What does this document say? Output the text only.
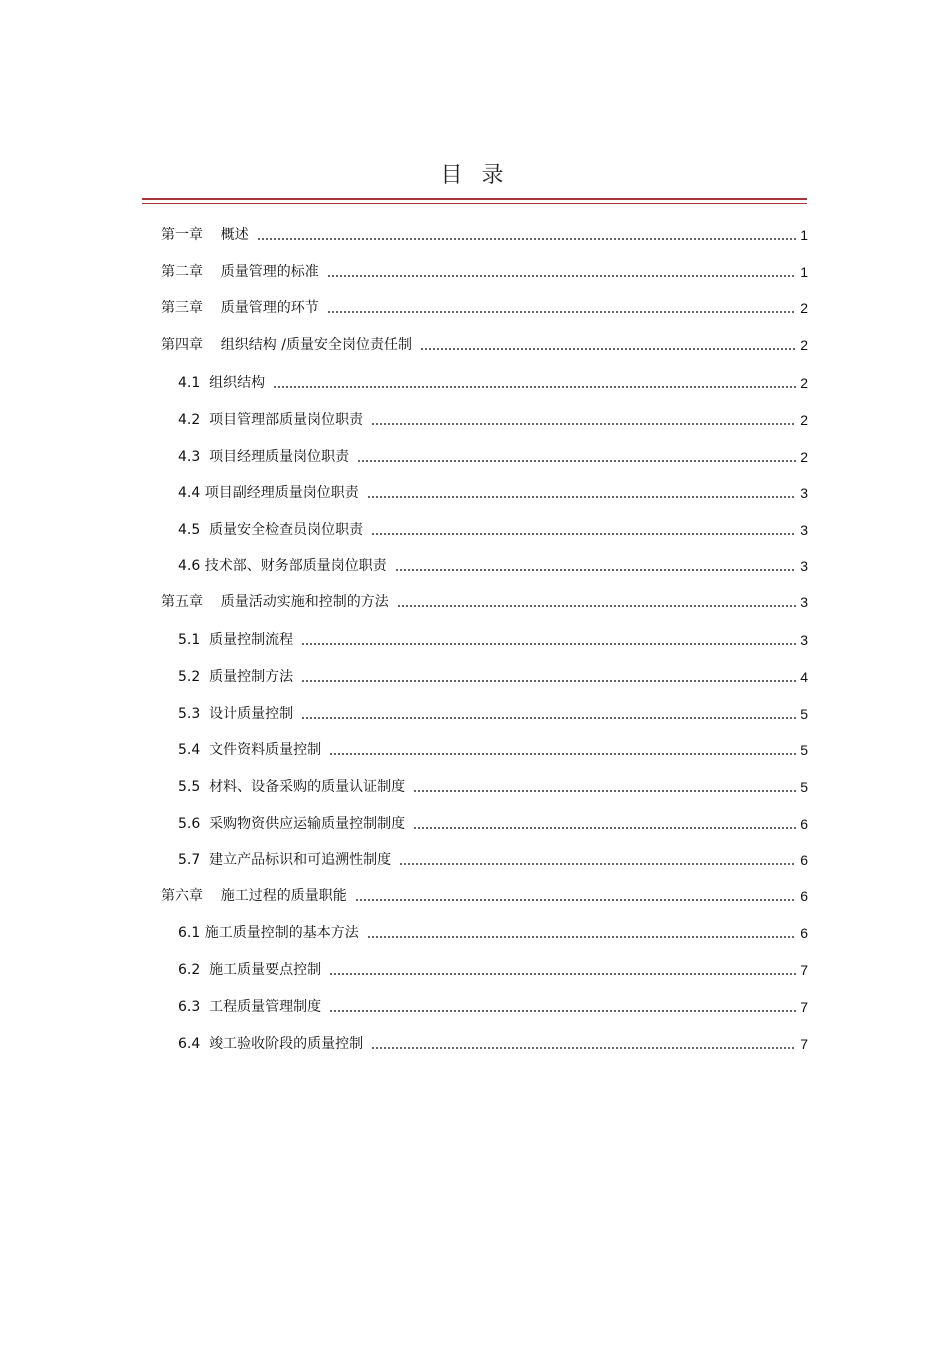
目 录
第一章    概述	1
第二章    质量管理的标准	1
第三章    质量管理的环节	2
第四章    组织结构 /质量安全岗位责任制	2
4.1  组织结构	2
4.2  项目管理部质量岗位职责	2
4.3  项目经理质量岗位职责	2
4.4 项目副经理质量岗位职责	3
4.5  质量安全检查员岗位职责	3
4.6 技术部、财务部质量岗位职责	3
第五章    质量活动实施和控制的方法	3
5.1  质量控制流程	3
5.2  质量控制方法	4
5.3  设计质量控制	5
5.4  文件资料质量控制	5
5.5  材料、设备采购的质量认证制度	5
5.6  采购物资供应运输质量控制制度	6
5.7  建立产品标识和可追溯性制度	6
第六章    施工过程的质量职能	6
6.1 施工质量控制的基本方法	6
6.2  施工质量要点控制	7
6.3  工程质量管理制度	7
6.4  竣工验收阶段的质量控制	7
